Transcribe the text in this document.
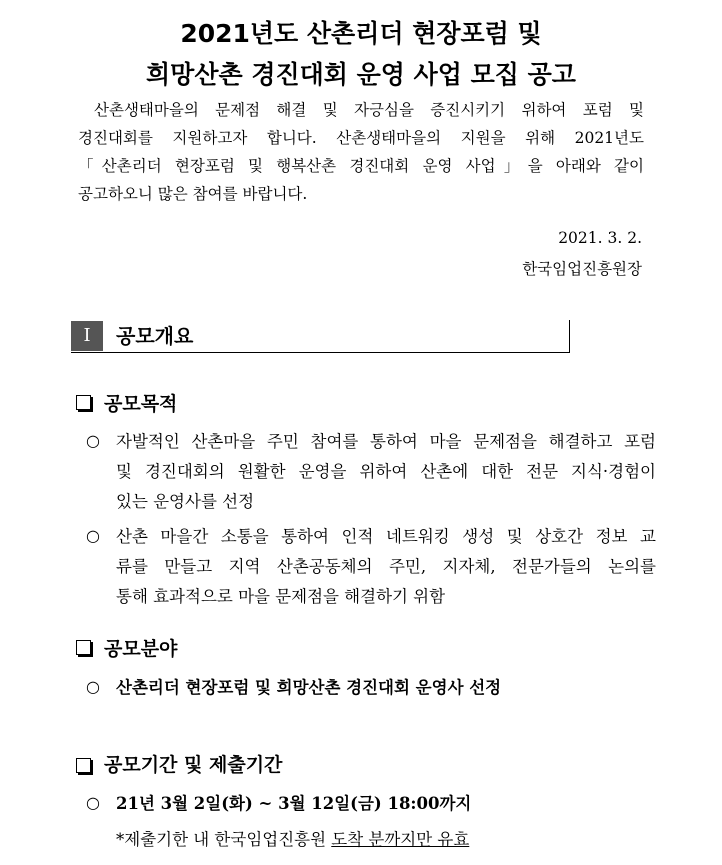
2021년도 산촌리더 현장포럼 및
희망산촌 경진대회 운영 사업 모집 공고
산촌생태마을의 문제점 해결 및 자긍심을 증진시키기 위하여 포럼 및
경진대회를 지원하고자 합니다. 산촌생태마을의 지원을 위해 2021년도
「산촌리더 현장포럼 및 행복산촌 경진대회 운영 사업」을 아래와 같이
공고하오니 많은 참여를 바랍니다.
2021. 3. 2.
한국임업진흥원장
Ⅰ	공모개요
공모목적
○ 자발적인 산촌마을 주민 참여를 통하여 마을 문제점을 해결하고 포럼
및 경진대회의 원활한 운영을 위하여 산촌에 대한 전문 지식·경험이
있는 운영사를 선정
○ 산촌 마을간 소통을 통하여 인적 네트워킹 생성 및 상호간 정보 교
류를 만들고 지역 산촌공동체의 주민, 지자체, 전문가들의 논의를
통해 효과적으로 마을 문제점을 해결하기 위함
공모분야
○ 산촌리더 현장포럼 및 희망산촌 경진대회 운영사 선정
공모기간 및 제출기간
○ 21년 3월 2일(화) ~ 3월 12일(금) 18:00까지
*제출기한 내 한국임업진흥원 도착 분까지만 유효
